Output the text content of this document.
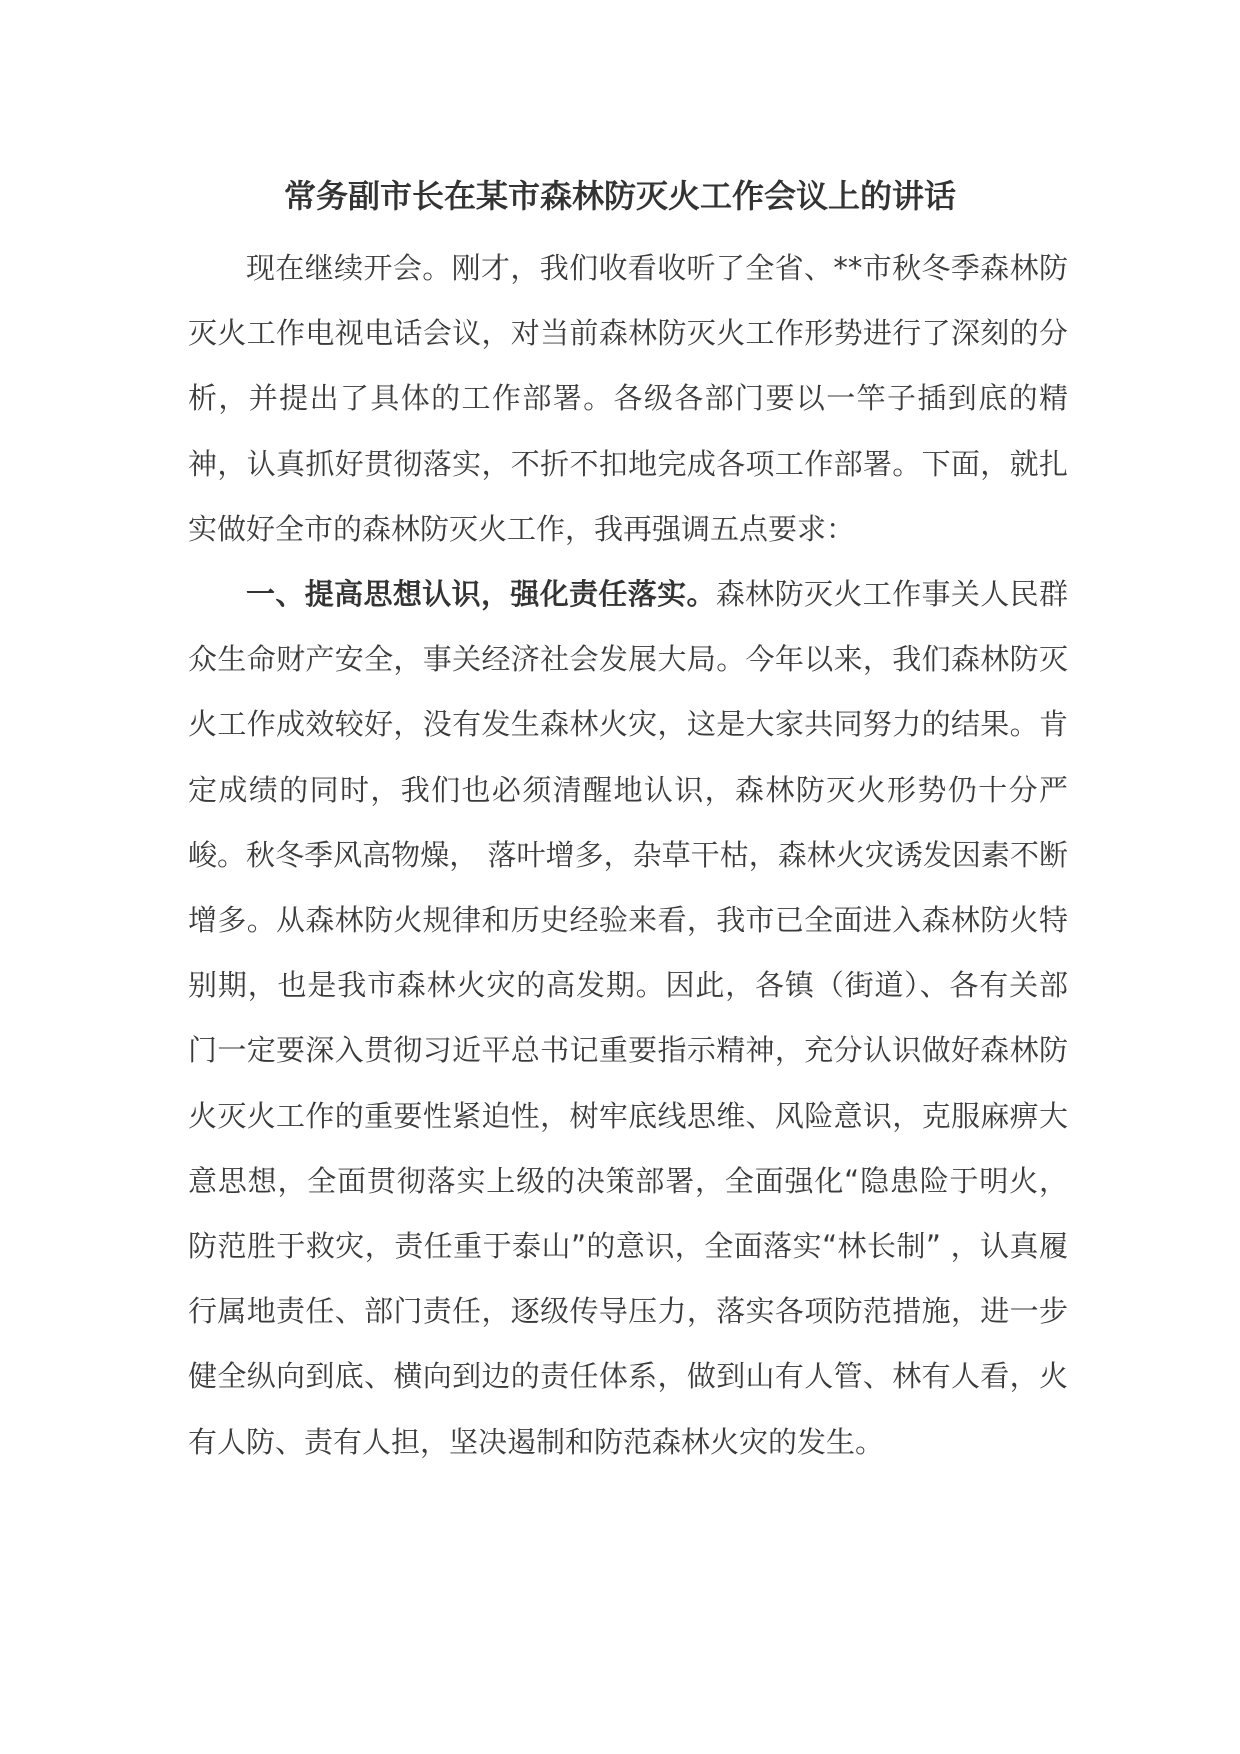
常务副市长在某市森林防灭火工作会议上的讲话

现在继续开会。刚才，我们收看收听了全省、**市秋冬季森林防灭火工作电视电话会议，对当前森林防灭火工作形势进行了深刻的分析，并提出了具体的工作部署。各级各部门要以一竿子插到底的精神，认真抓好贯彻落实，不折不扣地完成各项工作部署。下面，就扎实做好全市的森林防灭火工作，我再强调五点要求：

一、提高思想认识，强化责任落实。森林防灭火工作事关人民群众生命财产安全，事关经济社会发展大局。今年以来，我们森林防灭火工作成效较好，没有发生森林火灾，这是大家共同努力的结果。肯定成绩的同时，我们也必须清醒地认识，森林防灭火形势仍十分严峻。秋冬季风高物燥， 落叶增多，杂草干枯，森林火灾诱发因素不断增多。从森林防火规律和历史经验来看，我市已全面进入森林防火特别期，也是我市森林火灾的高发期。因此，各镇（街道）、各有关部门一定要深入贯彻习近平总书记重要指示精神，充分认识做好森林防火灭火工作的重要性紧迫性，树牢底线思维、风险意识，克服麻痹大意思想，全面贯彻落实上级的决策部署，全面强化“隐患险于明火，防范胜于救灾，责任重于泰山”的意识，全面落实“林长制” ，认真履行属地责任、部门责任，逐级传导压力，落实各项防范措施，进一步健全纵向到底、横向到边的责任体系，做到山有人管、林有人看，火有人防、责有人担，坚决遏制和防范森林火灾的发生。
